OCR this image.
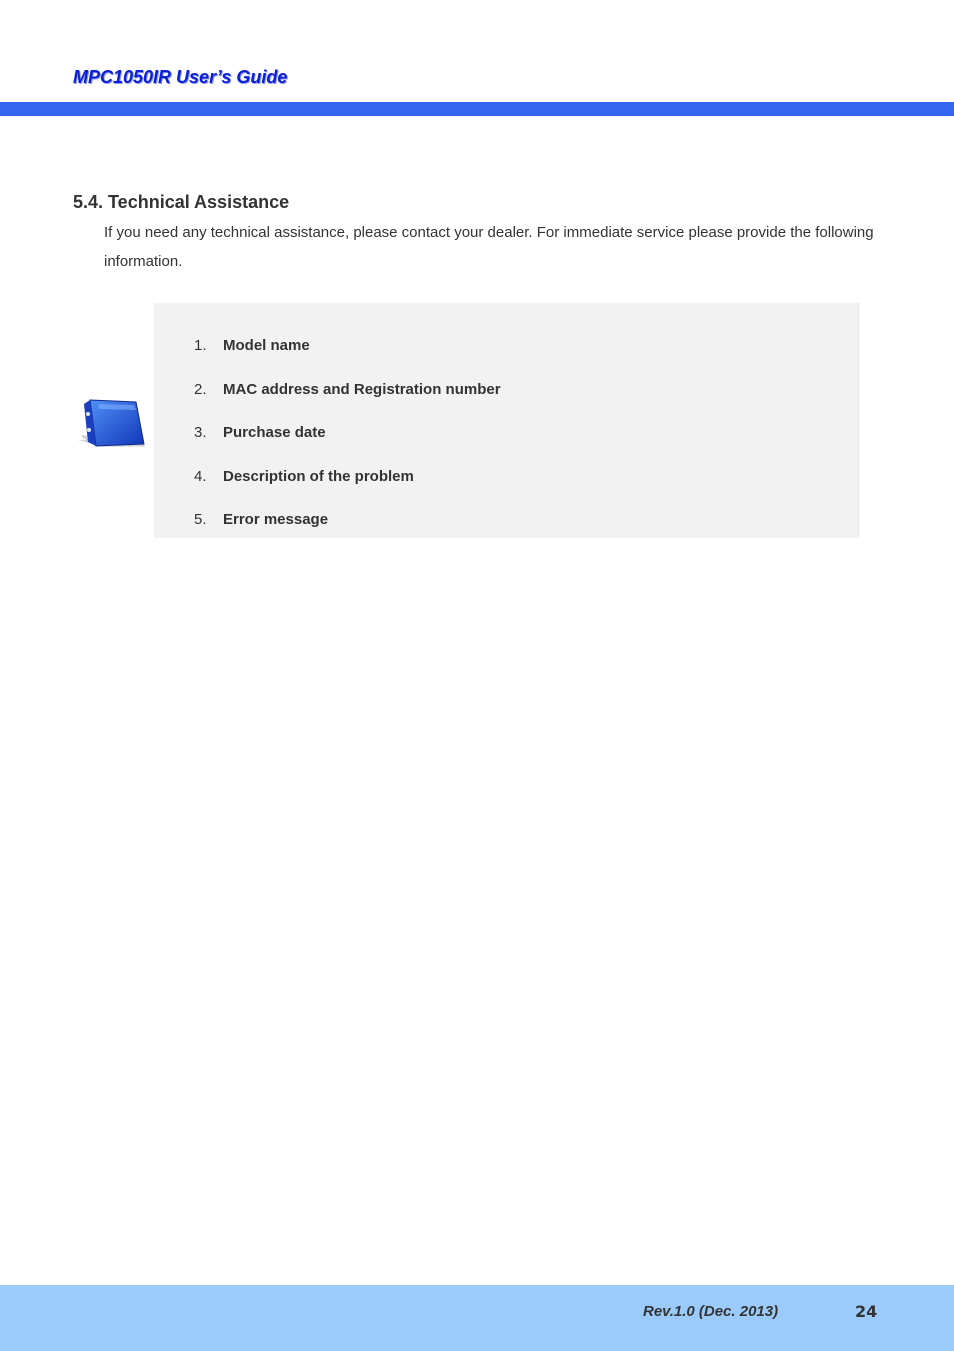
MPC1050IR User’s Guide
5.4. Technical Assistance
If you need any technical assistance, please contact your dealer. For immediate service please provide the following information.
1.	Model name
2.	MAC address and Registration number
3.	Purchase date
4.	Description of the problem
5.	Error message
Rev.1.0 (Dec. 2013)	24
